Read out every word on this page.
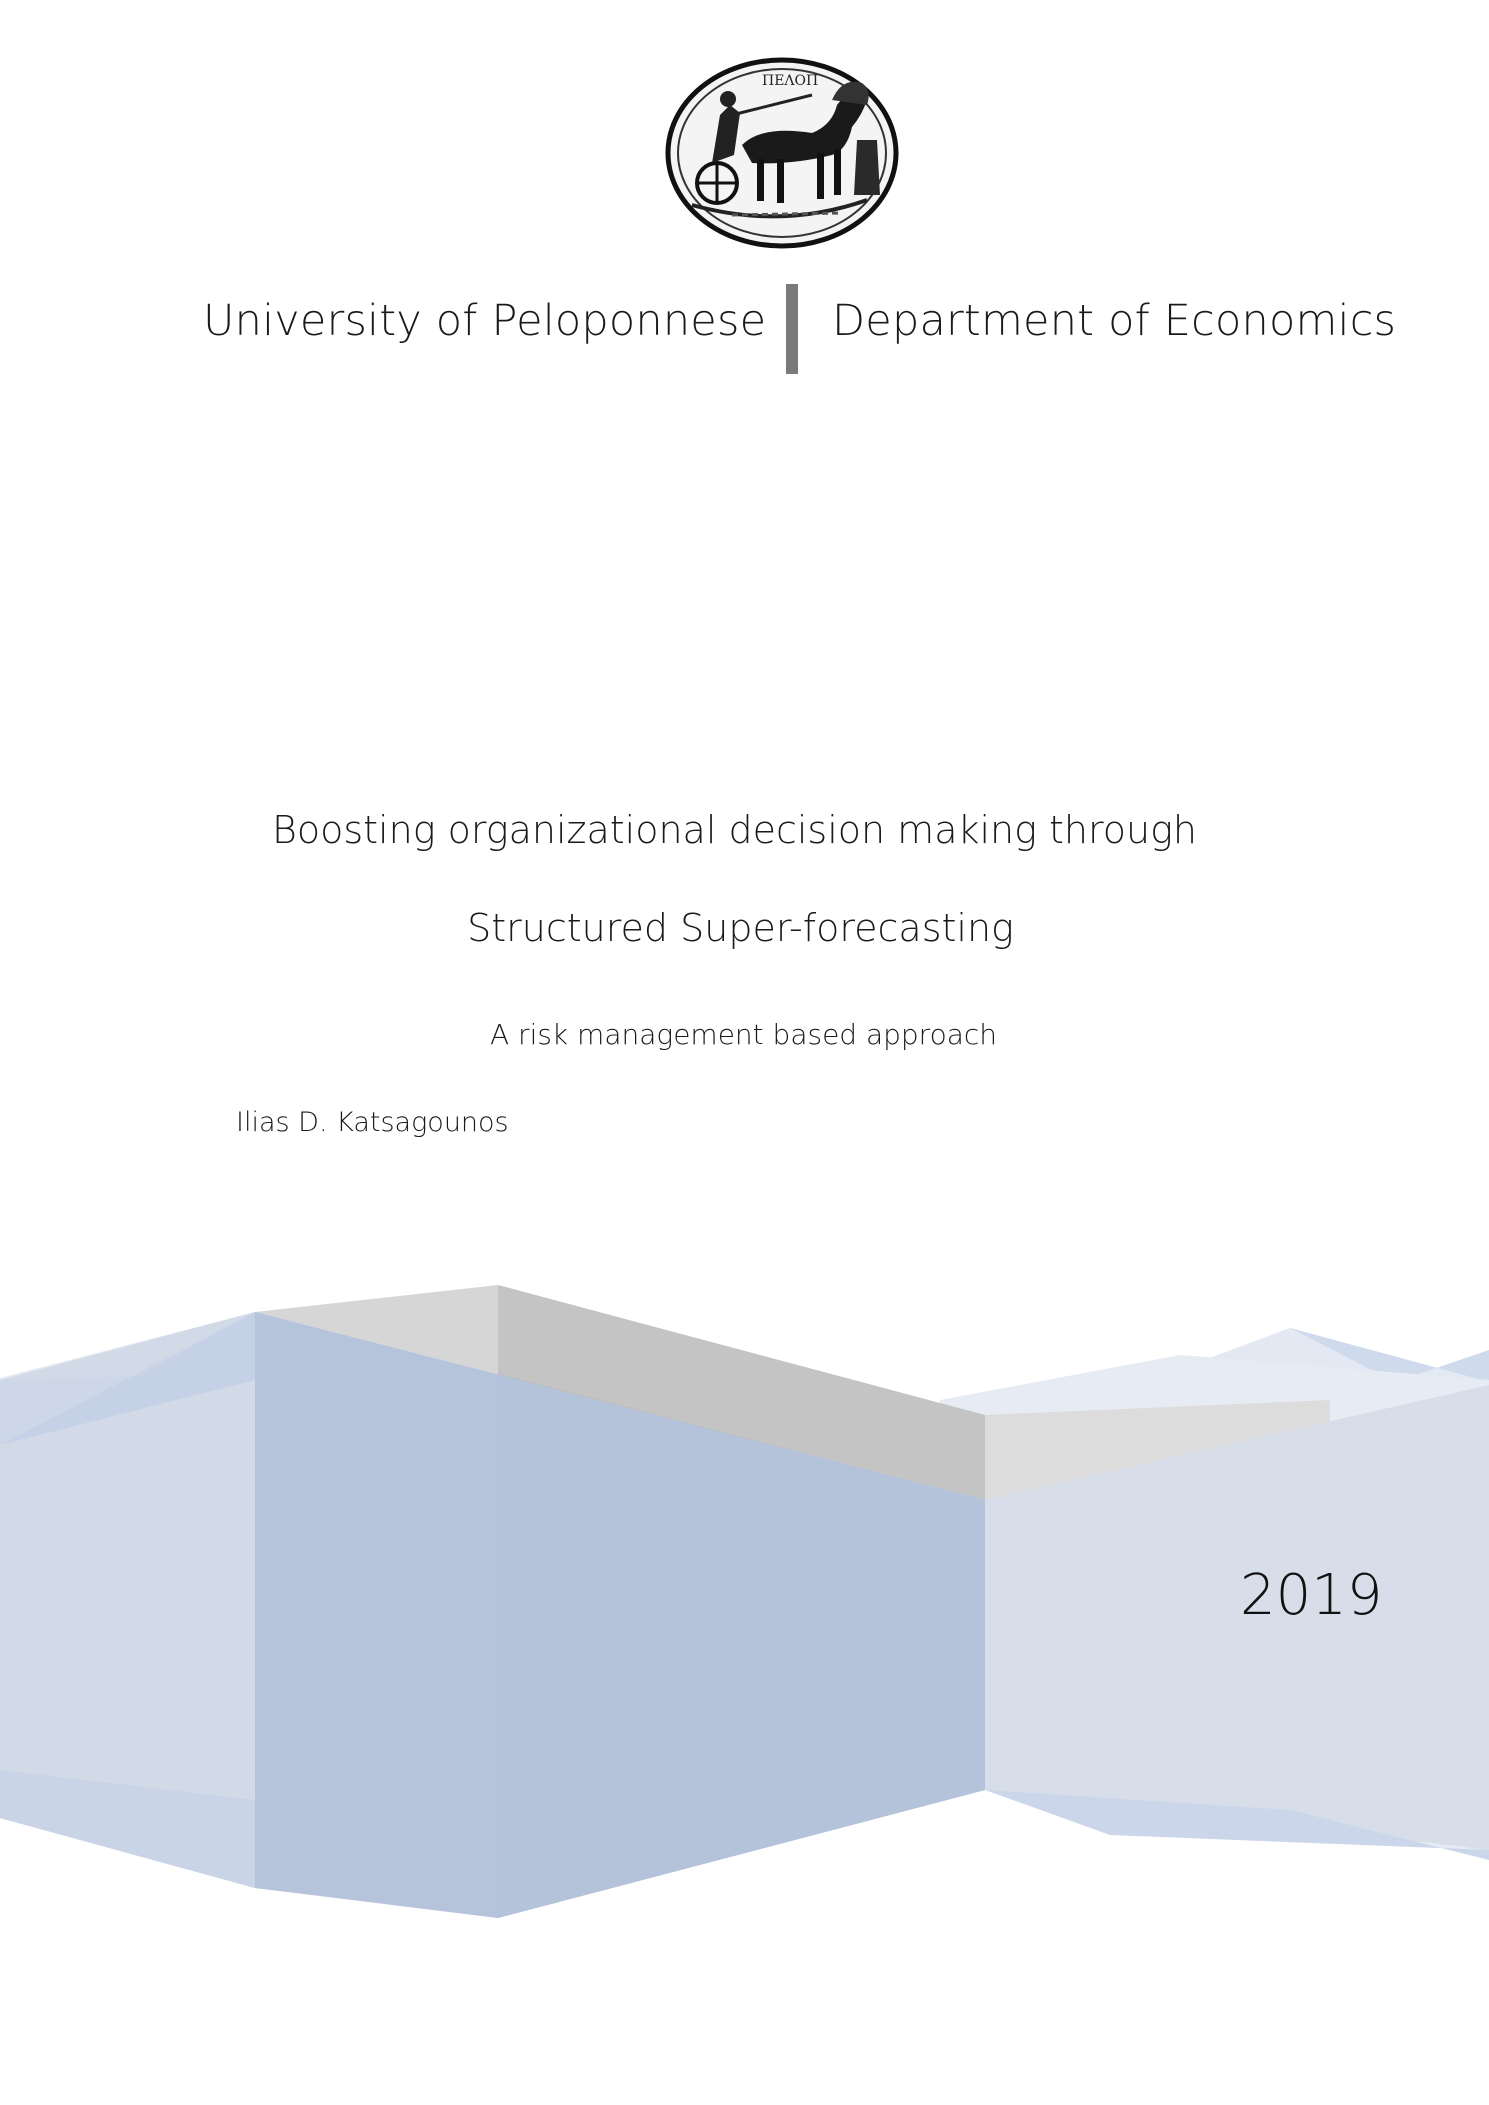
ΠΕΛΟΠ
University of Peloponnese Department of Economics
Boosting organizational decision making through
Structured Super-forecasting
A risk management based approach
Ilias D. Katsagounos
2019
